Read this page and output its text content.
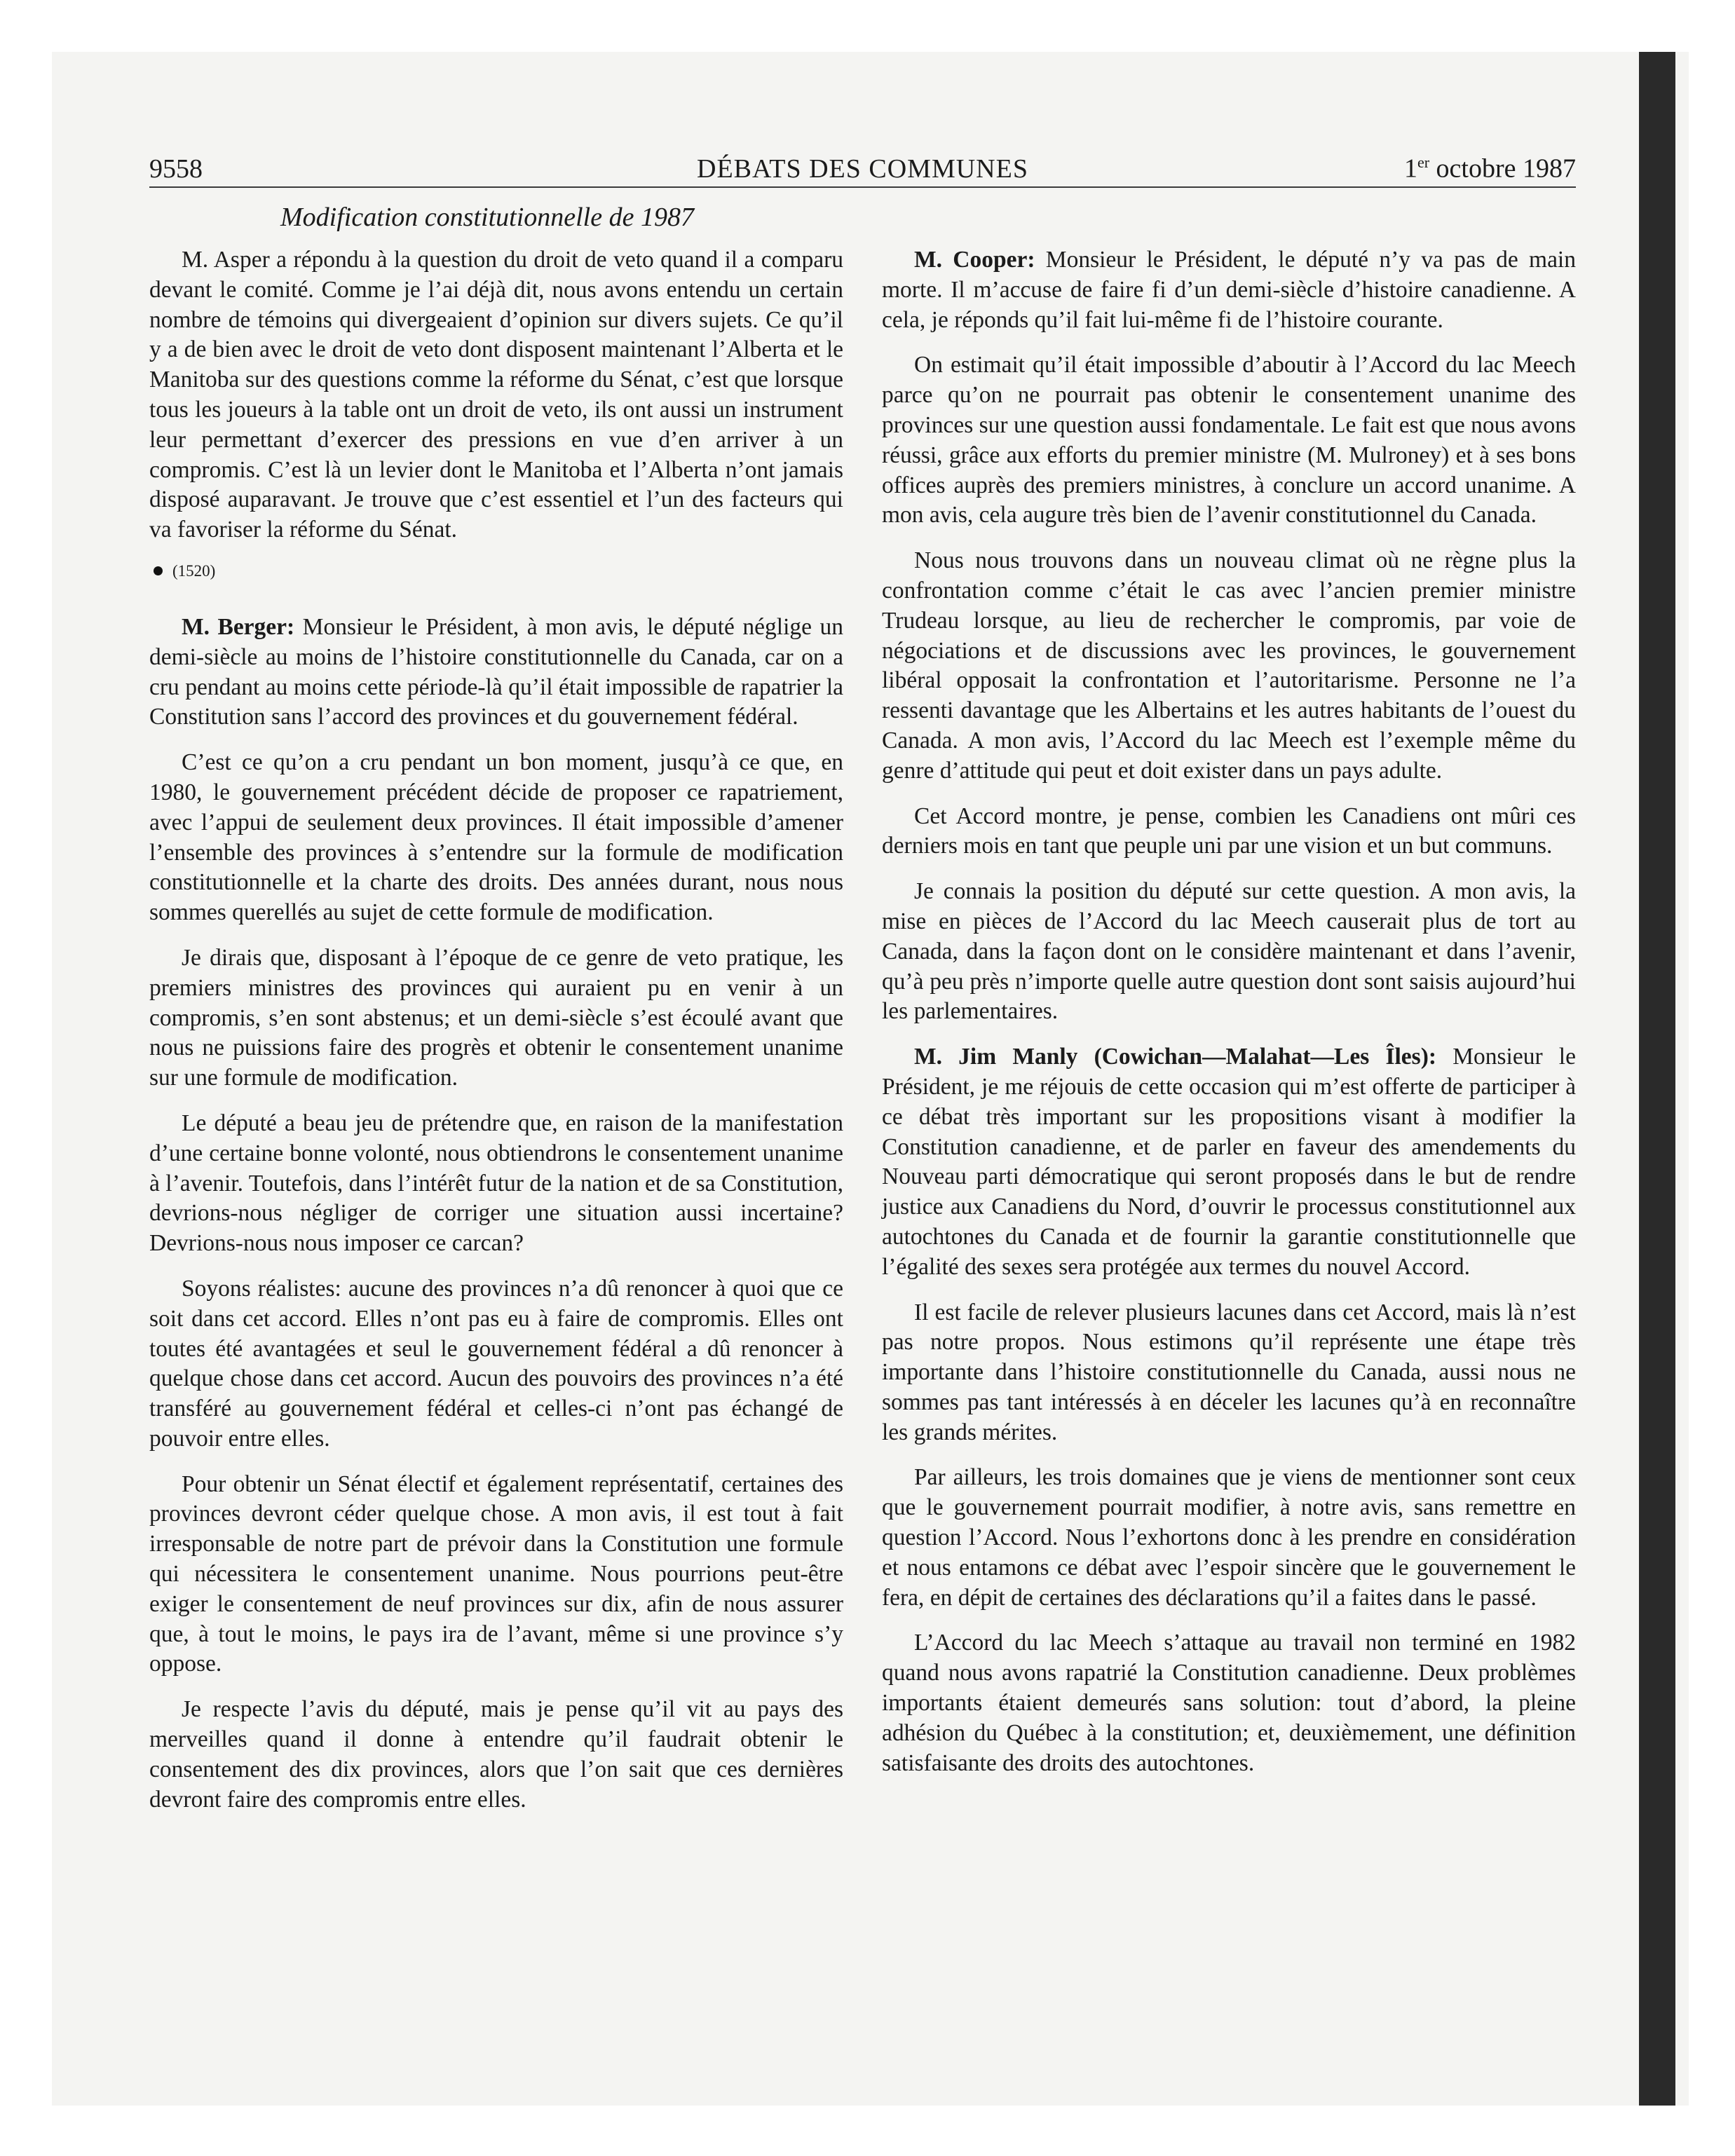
9558	DÉBATS DES COMMUNES	1er octobre 1987
Modification constitutionnelle de 1987

M. Asper a répondu à la question du droit de veto quand il a comparu devant le comité. Comme je l’ai déjà dit, nous avons entendu un certain nombre de témoins qui divergeaient d’opinion sur divers sujets. Ce qu’il y a de bien avec le droit de veto dont disposent maintenant l’Alberta et le Manitoba sur des questions comme la réforme du Sénat, c’est que lorsque tous les joueurs à la table ont un droit de veto, ils ont aussi un instrument leur permettant d’exercer des pressions en vue d’en arriver à un compromis. C’est là un levier dont le Manitoba et l’Alberta n’ont jamais disposé auparavant. Je trouve que c’est essentiel et l’un des facteurs qui va favoriser la réforme du Sénat.

(1520)

M. Berger: Monsieur le Président, à mon avis, le député néglige un demi-siècle au moins de l’histoire constitutionnelle du Canada, car on a cru pendant au moins cette période-là qu’il était impossible de rapatrier la Constitution sans l’accord des provinces et du gouvernement fédéral.

C’est ce qu’on a cru pendant un bon moment, jusqu’à ce que, en 1980, le gouvernement précédent décide de proposer ce rapatriement, avec l’appui de seulement deux provinces. Il était impossible d’amener l’ensemble des provinces à s’entendre sur la formule de modification constitutionnelle et la charte des droits. Des années durant, nous nous sommes querellés au sujet de cette formule de modification.

Je dirais que, disposant à l’époque de ce genre de veto pratique, les premiers ministres des provinces qui auraient pu en venir à un compromis, s’en sont abstenus; et un demi-siècle s’est écoulé avant que nous ne puissions faire des progrès et obtenir le consentement unanime sur une formule de modification.

Le député a beau jeu de prétendre que, en raison de la manifestation d’une certaine bonne volonté, nous obtiendrons le consentement unanime à l’avenir. Toutefois, dans l’intérêt futur de la nation et de sa Constitution, devrions-nous négliger de corriger une situation aussi incertaine? Devrions-nous nous imposer ce carcan?

Soyons réalistes: aucune des provinces n’a dû renoncer à quoi que ce soit dans cet accord. Elles n’ont pas eu à faire de compromis. Elles ont toutes été avantagées et seul le gouvernement fédéral a dû renoncer à quelque chose dans cet accord. Aucun des pouvoirs des provinces n’a été transféré au gouvernement fédéral et celles-ci n’ont pas échangé de pouvoir entre elles.

Pour obtenir un Sénat électif et également représentatif, certaines des provinces devront céder quelque chose. A mon avis, il est tout à fait irresponsable de notre part de prévoir dans la Constitution une formule qui nécessitera le consentement unanime. Nous pourrions peut-être exiger le consentement de neuf provinces sur dix, afin de nous assurer que, à tout le moins, le pays ira de l’avant, même si une province s’y oppose.

Je respecte l’avis du député, mais je pense qu’il vit au pays des merveilles quand il donne à entendre qu’il faudrait obtenir le consentement des dix provinces, alors que l’on sait que ces dernières devront faire des compromis entre elles.

M. Cooper: Monsieur le Président, le député n’y va pas de main morte. Il m’accuse de faire fi d’un demi-siècle d’histoire canadienne. A cela, je réponds qu’il fait lui-même fi de l’histoire courante.

On estimait qu’il était impossible d’aboutir à l’Accord du lac Meech parce qu’on ne pourrait pas obtenir le consentement unanime des provinces sur une question aussi fondamentale. Le fait est que nous avons réussi, grâce aux efforts du premier ministre (M. Mulroney) et à ses bons offices auprès des premiers ministres, à conclure un accord unanime. A mon avis, cela augure très bien de l’avenir constitutionnel du Canada.

Nous nous trouvons dans un nouveau climat où ne règne plus la confrontation comme c’était le cas avec l’ancien premier ministre Trudeau lorsque, au lieu de rechercher le compromis, par voie de négociations et de discussions avec les provinces, le gouvernement libéral opposait la confrontation et l’autoritarisme. Personne ne l’a ressenti davantage que les Albertains et les autres habitants de l’ouest du Canada. A mon avis, l’Accord du lac Meech est l’exemple même du genre d’attitude qui peut et doit exister dans un pays adulte.

Cet Accord montre, je pense, combien les Canadiens ont mûri ces derniers mois en tant que peuple uni par une vision et un but communs.

Je connais la position du député sur cette question. A mon avis, la mise en pièces de l’Accord du lac Meech causerait plus de tort au Canada, dans la façon dont on le considère maintenant et dans l’avenir, qu’à peu près n’importe quelle autre question dont sont saisis aujourd’hui les parlementaires.

M. Jim Manly (Cowichan—Malahat—Les Îles): Monsieur le Président, je me réjouis de cette occasion qui m’est offerte de participer à ce débat très important sur les propositions visant à modifier la Constitution canadienne, et de parler en faveur des amendements du Nouveau parti démocratique qui seront proposés dans le but de rendre justice aux Canadiens du Nord, d’ouvrir le processus constitutionnel aux autochtones du Canada et de fournir la garantie constitutionnelle que l’égalité des sexes sera protégée aux termes du nouvel Accord.

Il est facile de relever plusieurs lacunes dans cet Accord, mais là n’est pas notre propos. Nous estimons qu’il représente une étape très importante dans l’histoire constitutionnelle du Canada, aussi nous ne sommes pas tant intéressés à en déceler les lacunes qu’à en reconnaître les grands mérites.

Par ailleurs, les trois domaines que je viens de mentionner sont ceux que le gouvernement pourrait modifier, à notre avis, sans remettre en question l’Accord. Nous l’exhortons donc à les prendre en considération et nous entamons ce débat avec l’espoir sincère que le gouvernement le fera, en dépit de certaines des déclarations qu’il a faites dans le passé.

L’Accord du lac Meech s’attaque au travail non terminé en 1982 quand nous avons rapatrié la Constitution canadienne. Deux problèmes importants étaient demeurés sans solution: tout d’abord, la pleine adhésion du Québec à la constitution; et, deuxièmement, une définition satisfaisante des droits des autochtones.
